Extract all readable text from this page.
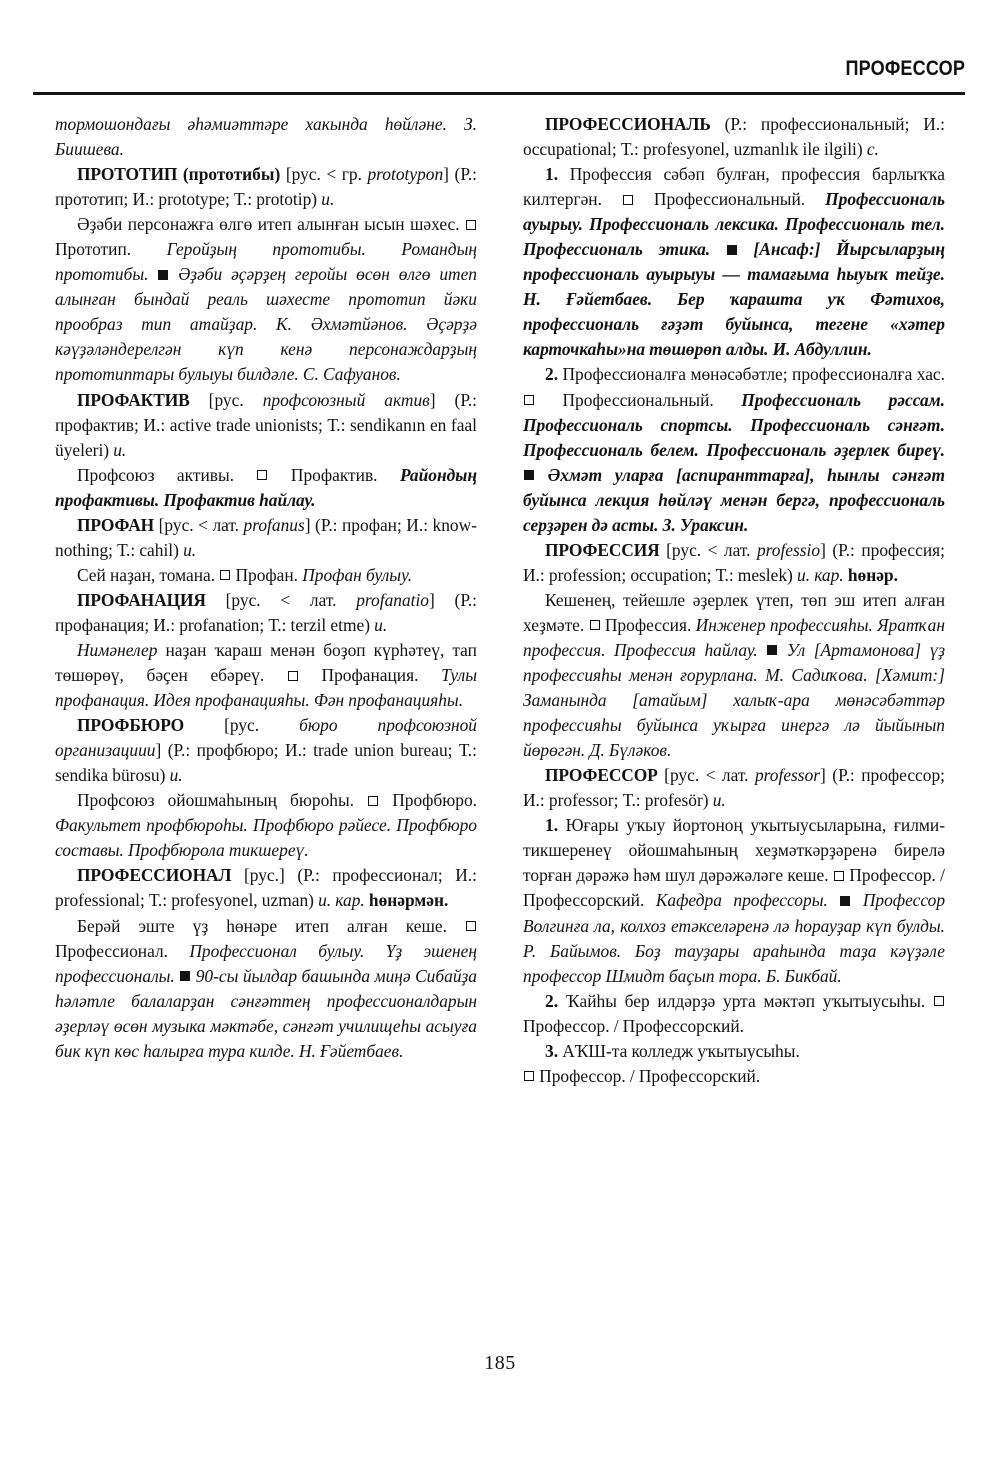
ПРОФЕССОР

тормошондағы әһәмиәттәре хакында һөйләне. З. Биишева.

ПРОТОТИП (прототибы) [рус. < гр. prototypon] (Р.: прототип; И.: prototype; Т.: prototip) и.

Әҙәби персонажға өлгө итеп алынған ысын шәхес.  Прототип. Геройҙың прототибы. Романдың прототибы. Әҙәби әҫәрҙең геройы өсөн өлгө итеп алынған бындай реаль шәхесте прототип йәки прообраз тип атайҙар. К. Әхмәтйәнов. Әҫәрҙә кәүҙәләндерелгән күп кенә персонаждарҙың прототиптары булыуы билдәле. С. Сафуанов.

ПРОФАКТИВ [рус. профсоюзный актив] (Р.: профактив; И.: active trade unionists; Т.: sendikanın en faal üyeleri) и.

Профсоюз активы.	Профактив. Райондың профактивы. Профактив һайлау.

ПРОФАН [рус. < лат. profanus] (Р.: профан; И.: know-nothing; Т.: cahil) и.

Сей наҙан, томана. Профан. Профан булыу.

ПРОФАНАЦИЯ [рус. < лат. profanatio] (Р.: профанация; И.: profanation; Т.: terzil etme) и.

Нимәнелер наҙан ҡараш менән боҙоп күрһәтеү, тап төшөрөү, бәҫен ебәреү.	Профанация. Тулы профанация. Идея профанацияһы. Фән профанацияһы.

ПРОФБЮРО [рус. бюро профсоюзной организациии] (Р.: профбюро; И.: trade union bureau; Т.: sendika bürosu) и.

Профсоюз ойошмаһының бюроһы. Профбюро. Факультет профбюроһы. Профбюро рәйесе. Профбюро составы. Профбюрола тикшереү.

ПРОФЕССИОНАЛ [рус.] (Р.: профессионал; И.: professional; Т.: profesyonel, uzman) и. кар. һөнәрмән.

Берәй эште үҙ һөнәре итеп алған кеше.  Профессионал. Профессионал булыу. Үҙ эшенең профессионалы. 90-сы йылдар башында миңә Сибайҙа һәләтле балаларҙан сәнғәттең профессионалдарын әҙерләү өсөн музыка мәктәбе, сәнғәт училищеһы асыуға бик күп көс һалырға тура килде. Н. Ғәйетбаев.

ПРОФЕССИОНАЛЬ (Р.: профессиональный; И.: occupational; Т.: profesyonel, uzmanlık ile ilgili) с.

1. Профессия сәбәп булған, профессия барлыҡҡа килтергән.	Профессиональный. Профессиональ ауырыу. Профессиональ лексика. Профессиональ тел. Профессиональ этика. [Ансаф:] Йырсыларҙың профессиональ ауырыуы — тамағыма һыуыҡ тейҙе. Н. Ғәйетбаев. Бер ҡарашта уҡ Фәтихов, профессиональ ғәҙәт буйынса, тегене «хәтер карточкаһы»на төшөрөп алды. И. Абдуллин.

2. Профессионалға мөнәсәбәтле; профессионалға хас.  Профессиональный. Профессиональ рәссам. Профессиональ спортсы. Профессиональ сәнғәт. Профессиональ белем. Профессиональ әҙерлек биреү.  Әхмәт уларға [аспиранттарға], һынлы сәнғәт буйынса лекция һөйләү менән бергә, профессиональ серҙәрен дә асты. З. Ураксин.

ПРОФЕССИЯ [рус. < лат. professio] (Р.: профессия; И.: profession; occupation; Т.: meslek) и. кар. һөнәр.

Кешенең, тейешле әҙерлек үтеп, төп эш итеп алған хеҙмәте. Профессия. Инженер профессияһы. Яратҡан профессия. Профессия һайлау. Ул [Артамонова] үҙ профессияһы менән ғорурлана. М. Садиҡова. [Хәмит:] Заманында [атайым] халыҡ-ара мөнәсәбәттәр профессияһы буйынса уҡырға инергә лә йыйынып йөрөгән. Д. Бүләков.

ПРОФЕССОР [рус. < лат. professor] (Р.: профессор; И.: professor; Т.: profesör) и.

1. Юғары уҡыу йортоноң уҡытыусыларына, ғилми-тикшеренеү ойошмаһының хеҙмәткәрҙәренә бирелә торған дәрәжә һәм шул дәрәжәләге кеше. Профессор. / Профессорский. Кафедра профессоры. Профессор Волгинға ла, колхоз етәкселәренә лә һорауҙар күп булды. Р. Байымов. Боҙ тауҙары араһында таҙа кәүҙәле профессор Шмидт баҫып тора. Б. Бикбай.

2. Ҡайһы бер илдәрҙә урта мәктәп уҡытыусыһы.  Профессор. / Профессорский.

3. АҠШ-та колледж уҡытыусыһы.

Профессор. / Профессорский.

185
